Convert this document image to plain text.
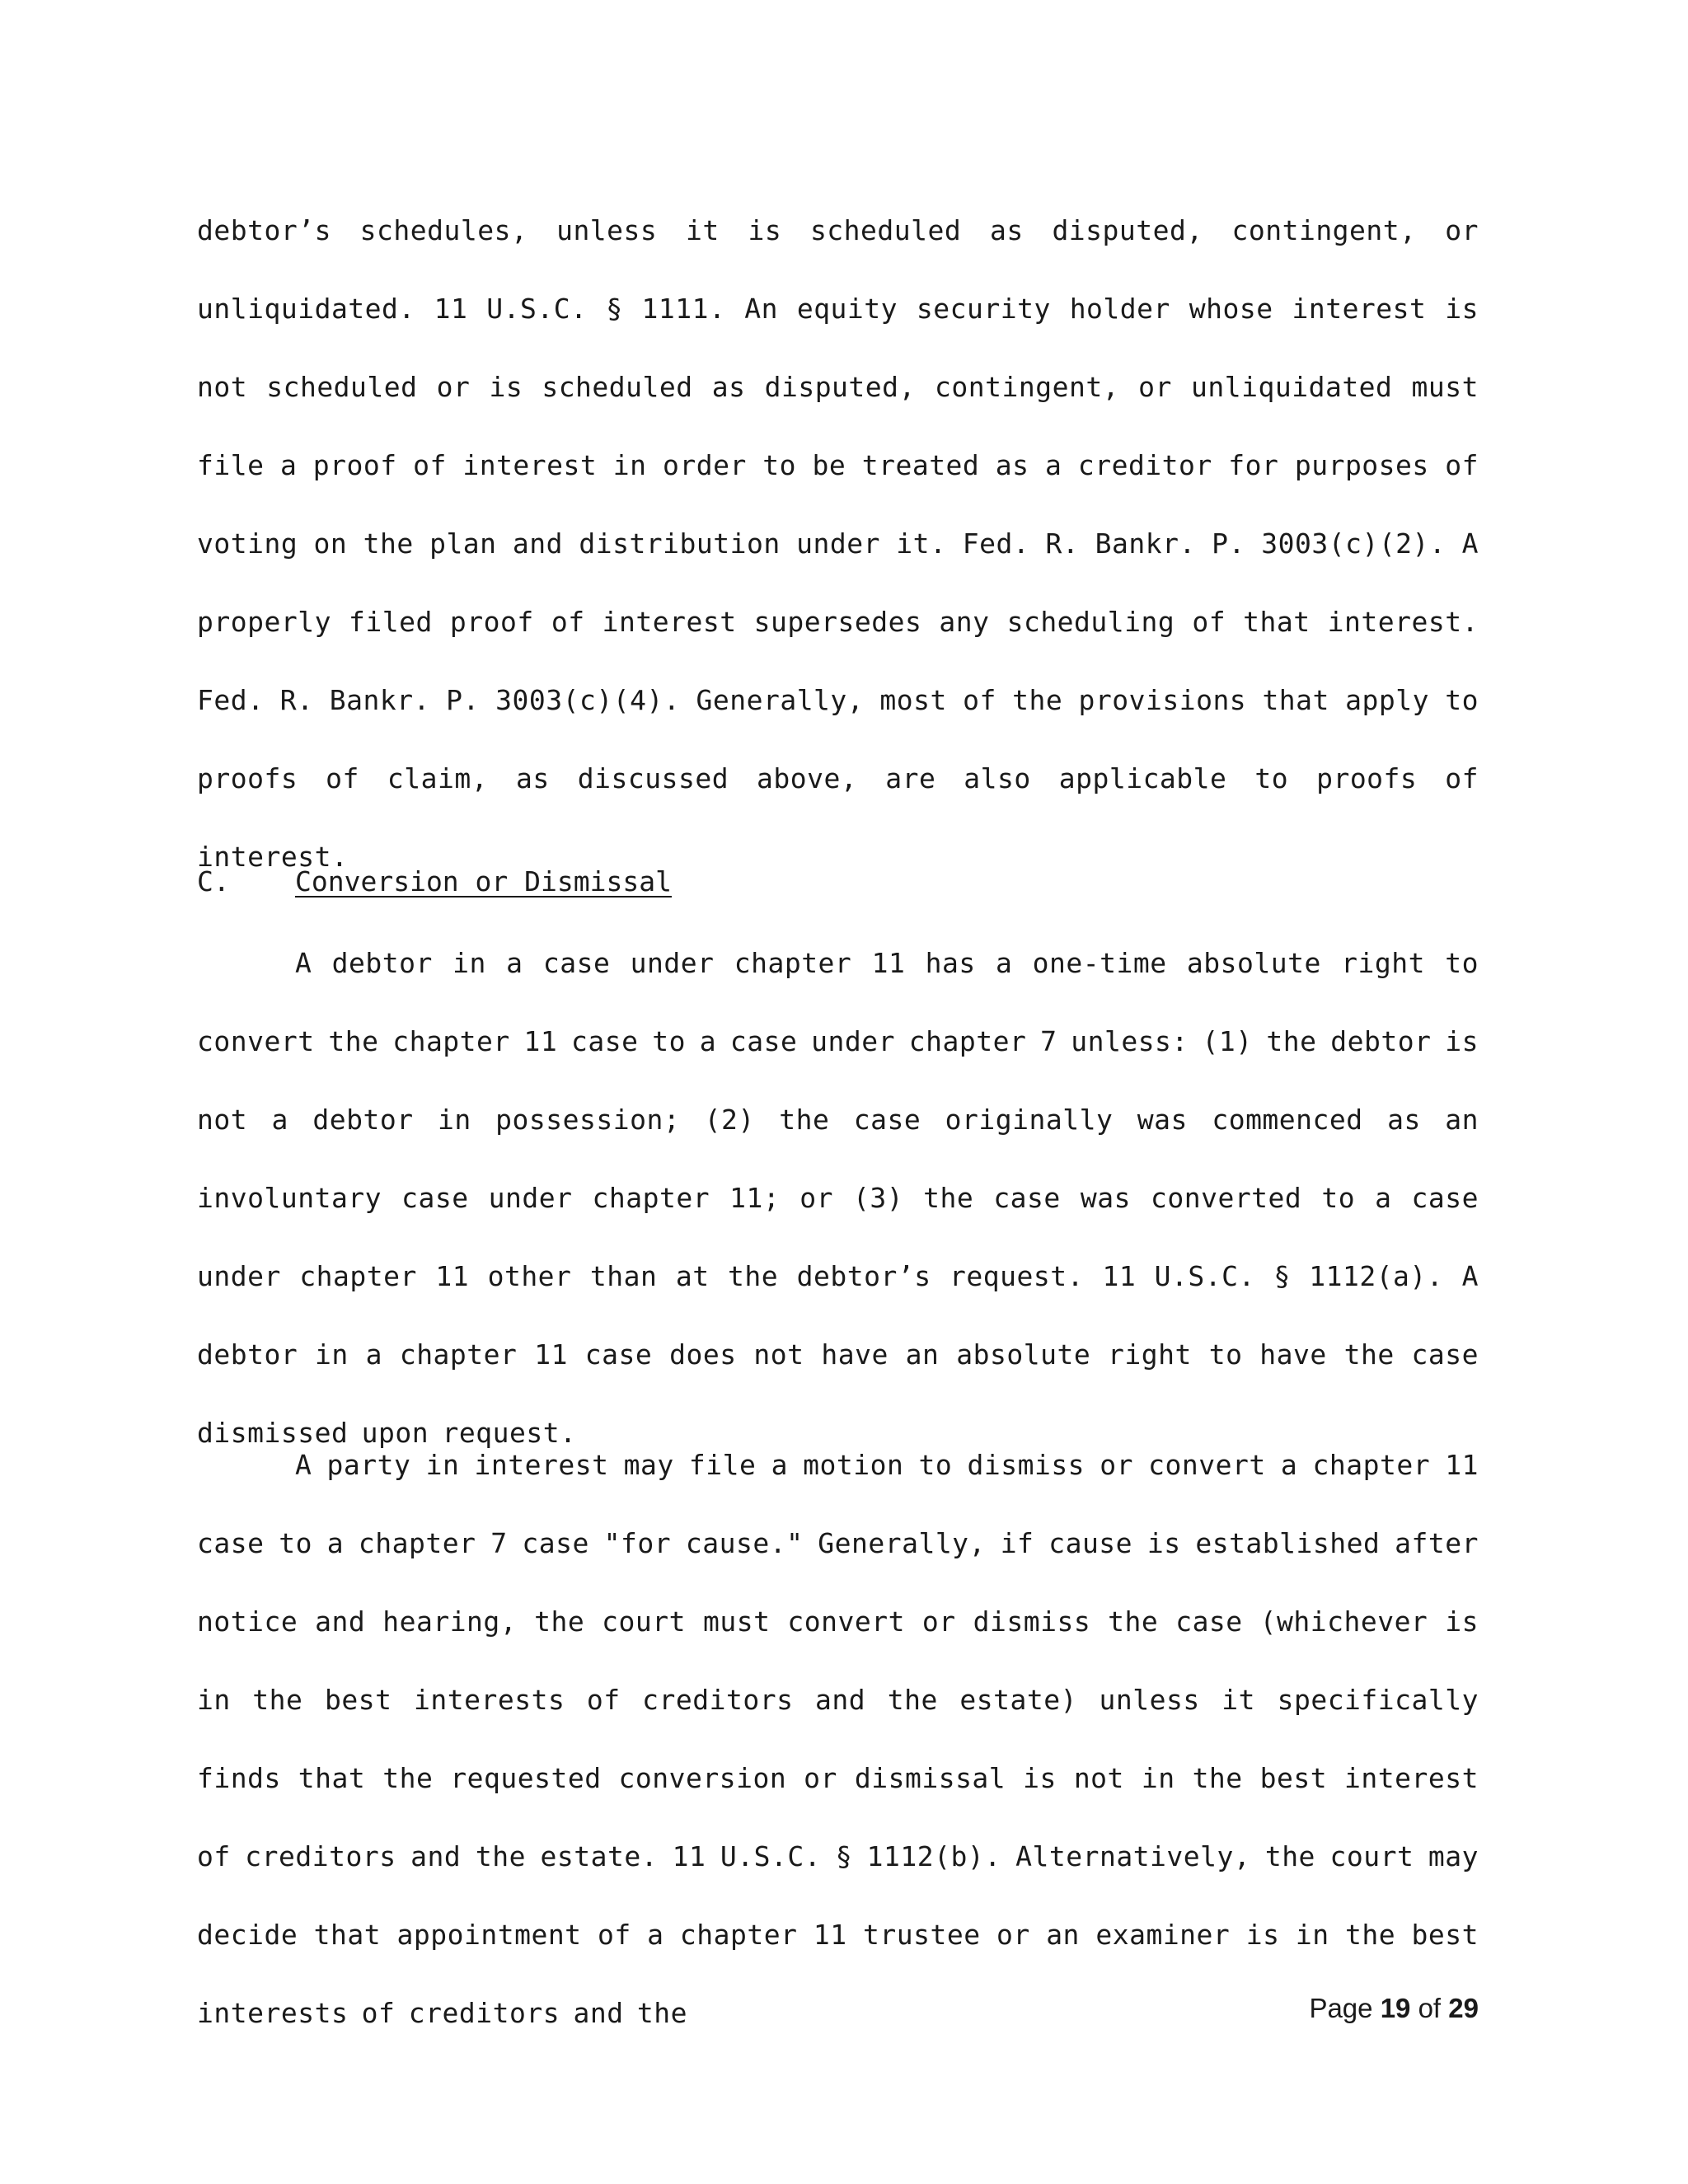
debtor’s schedules, unless it is scheduled as disputed, contingent, or unliquidated. 11 U.S.C. § 1111. An equity security holder whose interest is not scheduled or is scheduled as disputed, contingent, or unliquidated must file a proof of interest in order to be treated as a creditor for purposes of voting on the plan and distribution under it. Fed. R. Bankr. P. 3003(c)(2). A properly filed proof of interest supersedes any scheduling of that interest. Fed. R. Bankr. P. 3003(c)(4). Generally, most of the provisions that apply to proofs of claim, as discussed above, are also applicable to proofs of interest.

C. Conversion or Dismissal

A debtor in a case under chapter 11 has a one-time absolute right to convert the chapter 11 case to a case under chapter 7 unless: (1) the debtor is not a debtor in possession; (2) the case originally was commenced as an involuntary case under chapter 11; or (3) the case was converted to a case under chapter 11 other than at the debtor’s request. 11 U.S.C. § 1112(a). A debtor in a chapter 11 case does not have an absolute right to have the case dismissed upon request.

A party in interest may file a motion to dismiss or convert a chapter 11 case to a chapter 7 case "for cause." Generally, if cause is established after notice and hearing, the court must convert or dismiss the case (whichever is in the best interests of creditors and the estate) unless it specifically finds that the requested conversion or dismissal is not in the best interest of creditors and the estate. 11 U.S.C. § 1112(b). Alternatively, the court may decide that appointment of a chapter 11 trustee or an examiner is in the best interests of creditors and the	Page 19 of 29
